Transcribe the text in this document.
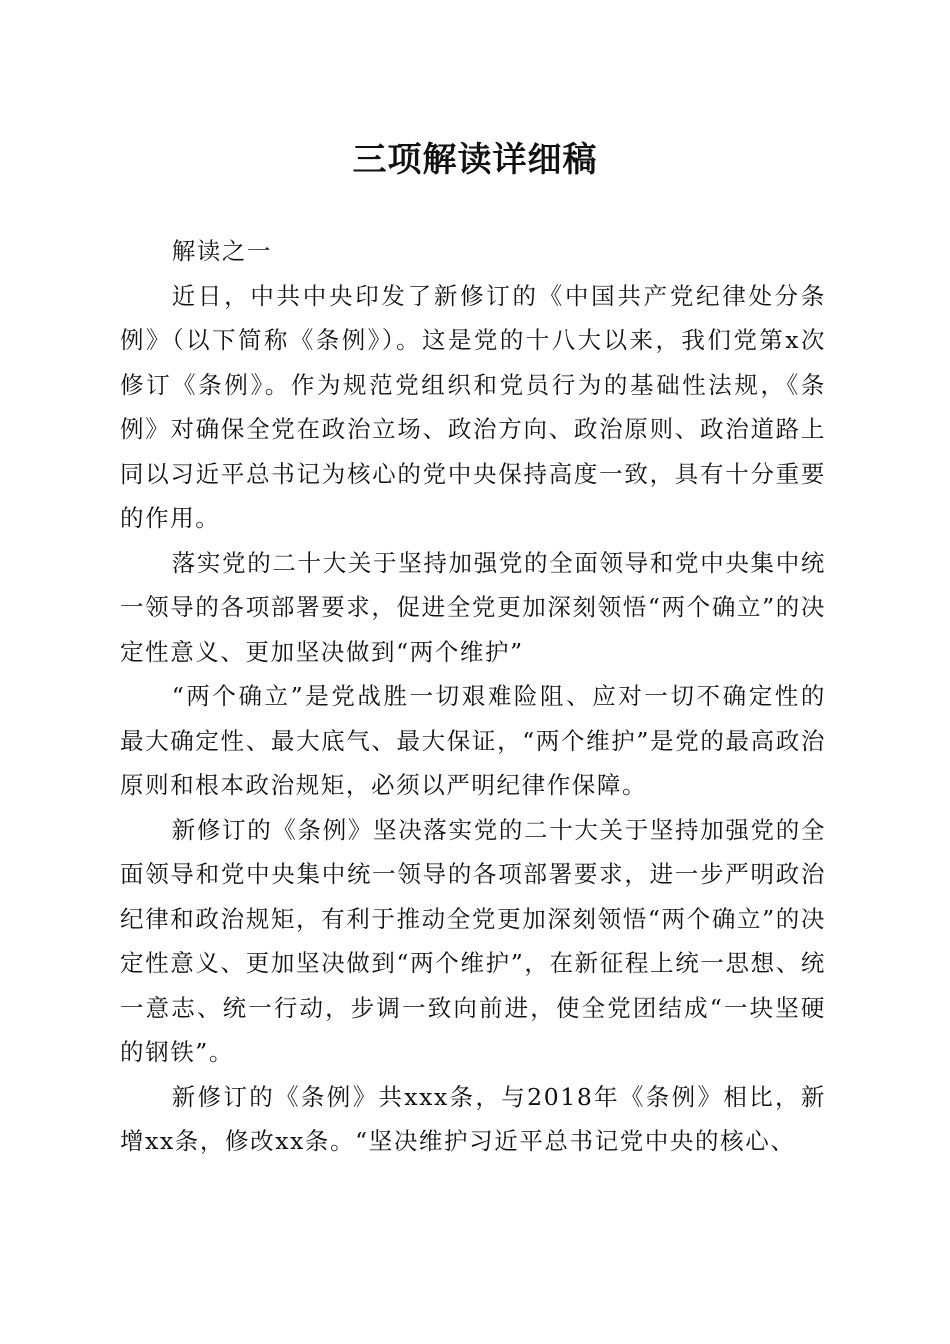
三项解读详细稿

解读之一

近日，中共中央印发了新修订的《中国共产党纪律处分条例》（以下简称《条例》）。这是党的十八大以来，我们党第x次修订《条例》。作为规范党组织和党员行为的基础性法规，《条例》对确保全党在政治立场、政治方向、政治原则、政治道路上同以习近平总书记为核心的党中央保持高度一致，具有十分重要的作用。

落实党的二十大关于坚持加强党的全面领导和党中央集中统一领导的各项部署要求，促进全党更加深刻领悟“两个确立”的决定性意义、更加坚决做到“两个维护”

“两个确立”是党战胜一切艰难险阻、应对一切不确定性的最大确定性、最大底气、最大保证，“两个维护”是党的最高政治原则和根本政治规矩，必须以严明纪律作保障。

新修订的《条例》坚决落实党的二十大关于坚持加强党的全面领导和党中央集中统一领导的各项部署要求，进一步严明政治纪律和政治规矩，有利于推动全党更加深刻领悟“两个确立”的决定性意义、更加坚决做到“两个维护”，在新征程上统一思想、统一意志、统一行动，步调一致向前进，使全党团结成“一块坚硬的钢铁”。

新修订的《条例》共xxx条，与2018年《条例》相比，新增xx条，修改xx条。“坚决维护习近平总书记党中央的核心、
